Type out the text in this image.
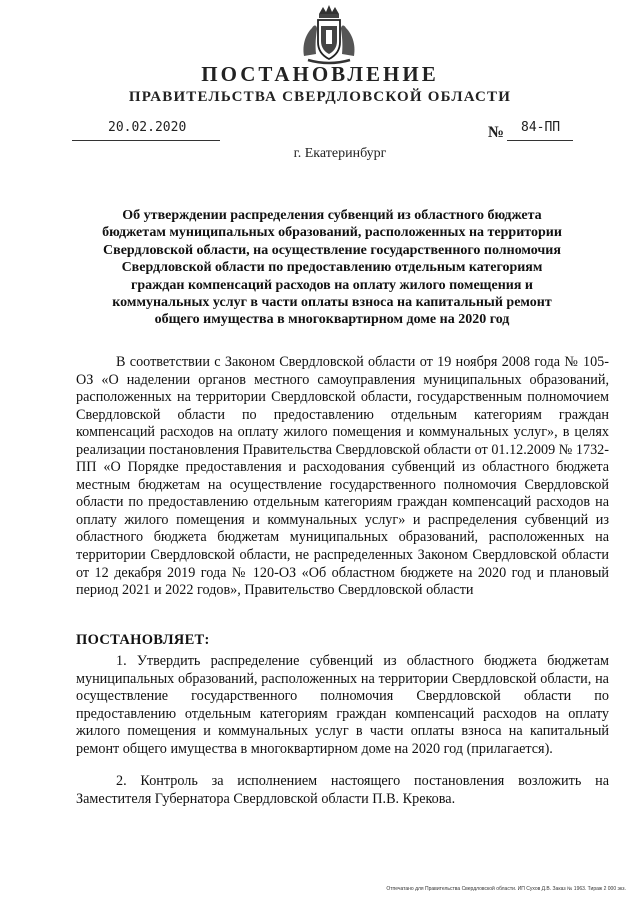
ПОСТАНОВЛЕНИЕ
ПРАВИТЕЛЬСТВА СВЕРДЛОВСКОЙ ОБЛАСТИ
20.02.2020	№ 84-ПП
г. Екатеринбург
Об утверждении распределения субвенций из областного бюджета бюджетам муниципальных образований, расположенных на территории Свердловской области, на осуществление государственного полномочия Свердловской области по предоставлению отдельным категориям граждан компенсаций расходов на оплату жилого помещения и коммунальных услуг в части оплаты взноса на капитальный ремонт общего имущества в многоквартирном доме на 2020 год
В соответствии с Законом Свердловской области от 19 ноября 2008 года № 105-ОЗ «О наделении органов местного самоуправления муниципальных образований, расположенных на территории Свердловской области, государственным полномочием Свердловской области по предоставлению отдельным категориям граждан компенсаций расходов на оплату жилого помещения и коммунальных услуг», в целях реализации постановления Правительства Свердловской области от 01.12.2009 № 1732-ПП «О Порядке предоставления и расходования субвенций из областного бюджета местным бюджетам на осуществление государственного полномочия Свердловской области по предоставлению отдельным категориям граждан компенсаций расходов на оплату жилого помещения и коммунальных услуг» и распределения субвенций из областного бюджета бюджетам муниципальных образований, расположенных на территории Свердловской области, не распределенных Законом Свердловской области от 12 декабря 2019 года № 120-ОЗ «Об областном бюджете на 2020 год и плановый период 2021 и 2022 годов», Правительство Свердловской области
ПОСТАНОВЛЯЕТ:
1. Утвердить распределение субвенций из областного бюджета бюджетам муниципальных образований, расположенных на территории Свердловской области, на осуществление государственного полномочия Свердловской области по предоставлению отдельным категориям граждан компенсаций расходов на оплату жилого помещения и коммунальных услуг в части оплаты взноса на капитальный ремонт общего имущества в многоквартирном доме на 2020 год (прилагается).
2. Контроль за исполнением настоящего постановления возложить на Заместителя Губернатора Свердловской области П.В. Крекова.
Отпечатано для Правительства Свердловской области. ИП Сухов Д.В. Заказ № 1963. Тираж 2 000 экз.
